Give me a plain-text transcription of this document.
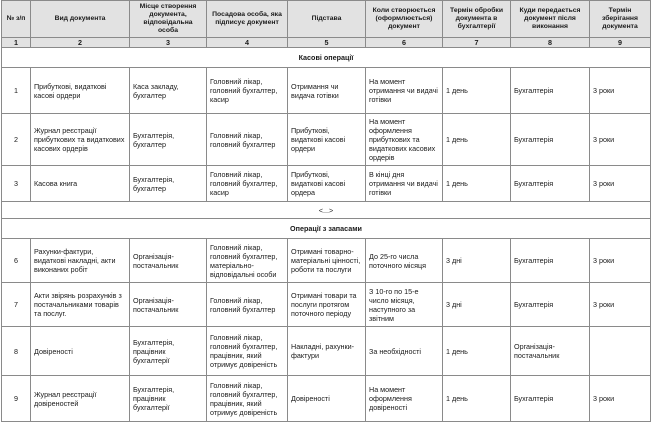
№ з/п	Вид документа	Місце створення документа, відповідальна особа	Посадова особа, яка підписує документ	Підстава	Коли створюється (оформлюється) документ	Термін обробки документа в бухгалтерії	Куди передається документ після виконання	Термін зберігання документа
1	2	3	4	5	6	7	8	9
Касові операції								
1	Прибуткові, видаткові касові ордери	Каса закладу, бухгалтер	Головний лікар, головний бухгалтер, касир	Отримання чи видача готівки	На момент отримання чи видачі готівки	1 день	Бухгалтерія	3 роки
2	Журнал реєстрації прибуткових та видаткових касових ордерів	Бухгалтерія, бухгалтер	Головний лікар, головний бухгалтер	Прибуткові, видаткові касові ордери	На момент оформлення прибуткових та видаткових касових ордерів	1 день	Бухгалтерія	3 роки
3	Касова книга	Бухгалтерія, бухгалтер	Головний лікар, головний бухгалтер, касир	Прибуткові, видаткові касові ордера	В кінці дня отримання чи видачі готівки	1 день	Бухгалтерія	3 роки
<...>								
Операції з запасами								
6	Рахунки-фактури, видаткові накладні, акти виконаних робіт	Організація-постачальник	Головний лікар, головний бухгалтер, матеріально-відповідальні особи	Отримані товарно-матеріальні цінності, роботи та послуги	До 25-го числа поточного місяця	3 дні	Бухгалтерія	3 роки
7	Акти звірянь розрахунків з постачальниками товарів та послуг.	Організація-постачальник	Головний лікар, головний бухгалтер	Отримані товари та послуги протягом поточного періоду	З 10-го по 15-е число місяця, наступного за звітним	3 дні	Бухгалтерія	3 роки
8	Довіреності	Бухгалтерія, працівник бухгалтерії	Головний лікар, головний бухгалтер, працівник, який отримує довіреність	Накладні, рахунки-фактури	За необхідності	1 день	Організація-постачальник	
9	Журнал реєстрації довіреностей	Бухгалтерія, працівник бухгалтерії	Головний лікар, головний бухгалтер, працівник, який отримує довіреність	Довіреності	На момент оформлення довіреності	1 день	Бухгалтерія	3 роки
